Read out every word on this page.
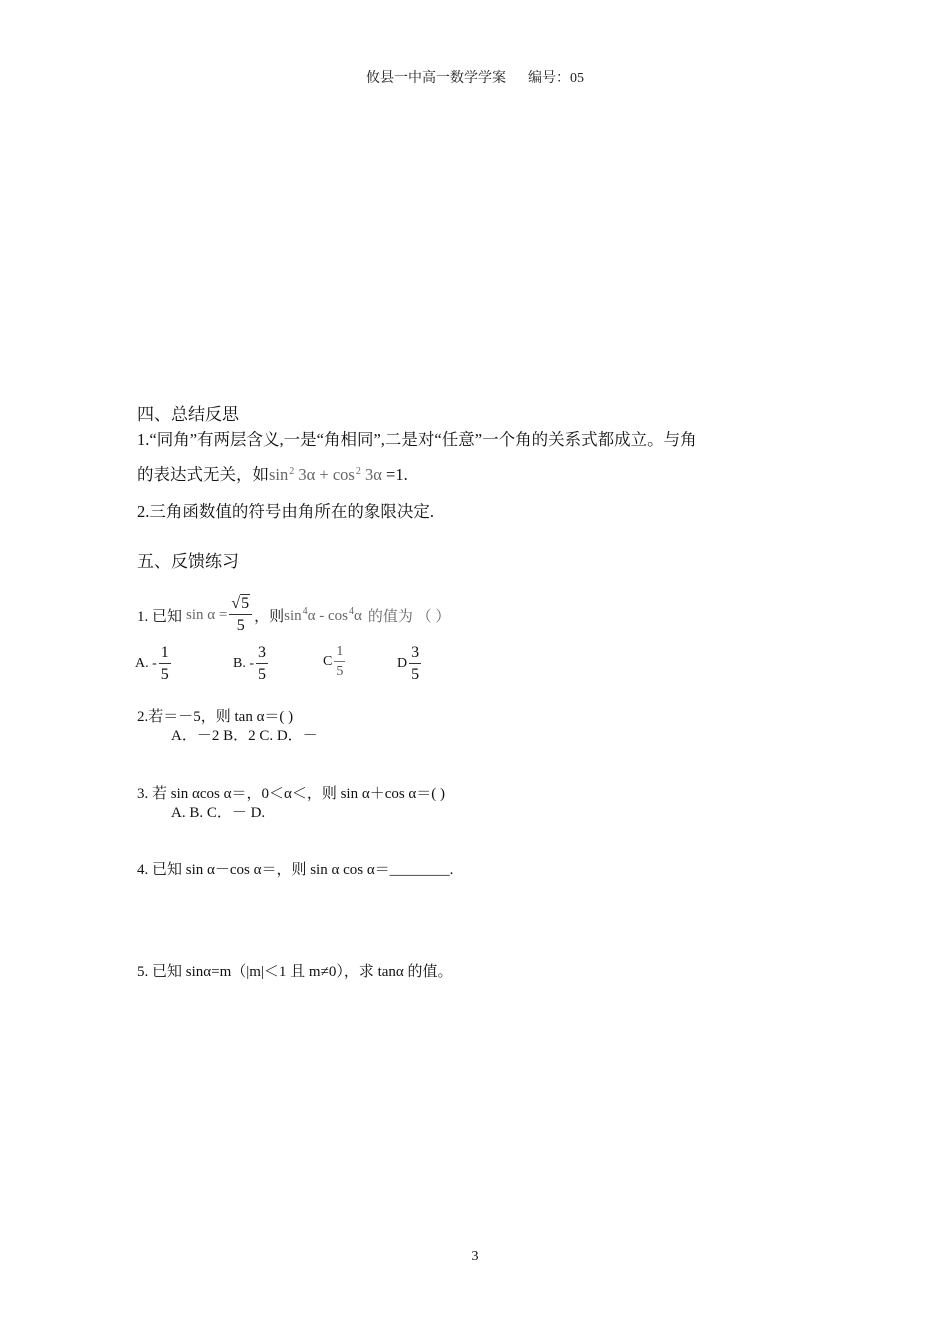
攸县一中高一数学学案 编号：05
四、总结反思
1.“同角”有两层含义,一是“角相同”,二是对“任意”一个角的关系式都成立。与角
的表达式无关，如$\sin^2 3\alpha + \cos^2 3\alpha =1$.
2.三角函数值的符号由角所在的象限决定.
五、反馈练习
1. 已知 $\sin \alpha = \frac{√5}{5}$ ，则 $\sin^4\alpha - \cos^4\alpha$ 的值为 （ ）
A. - $\frac{1}{5}$	B. - $\frac{3}{5}$	C $\frac{1}{5}$	D $\frac{3}{5}$
2.若＝－5，则 tan α＝( )
A．－2 B．2 C. D．－
3. 若 sin αcos α＝，0＜α＜，则 sin α＋cos α＝( )
A. B. C．－ D.
4. 已知 sin α－cos α＝，则 sin α cos α＝________.
5. 已知 sinα=m（|m|＜1 且 m≠0），求 tanα 的值。
3
